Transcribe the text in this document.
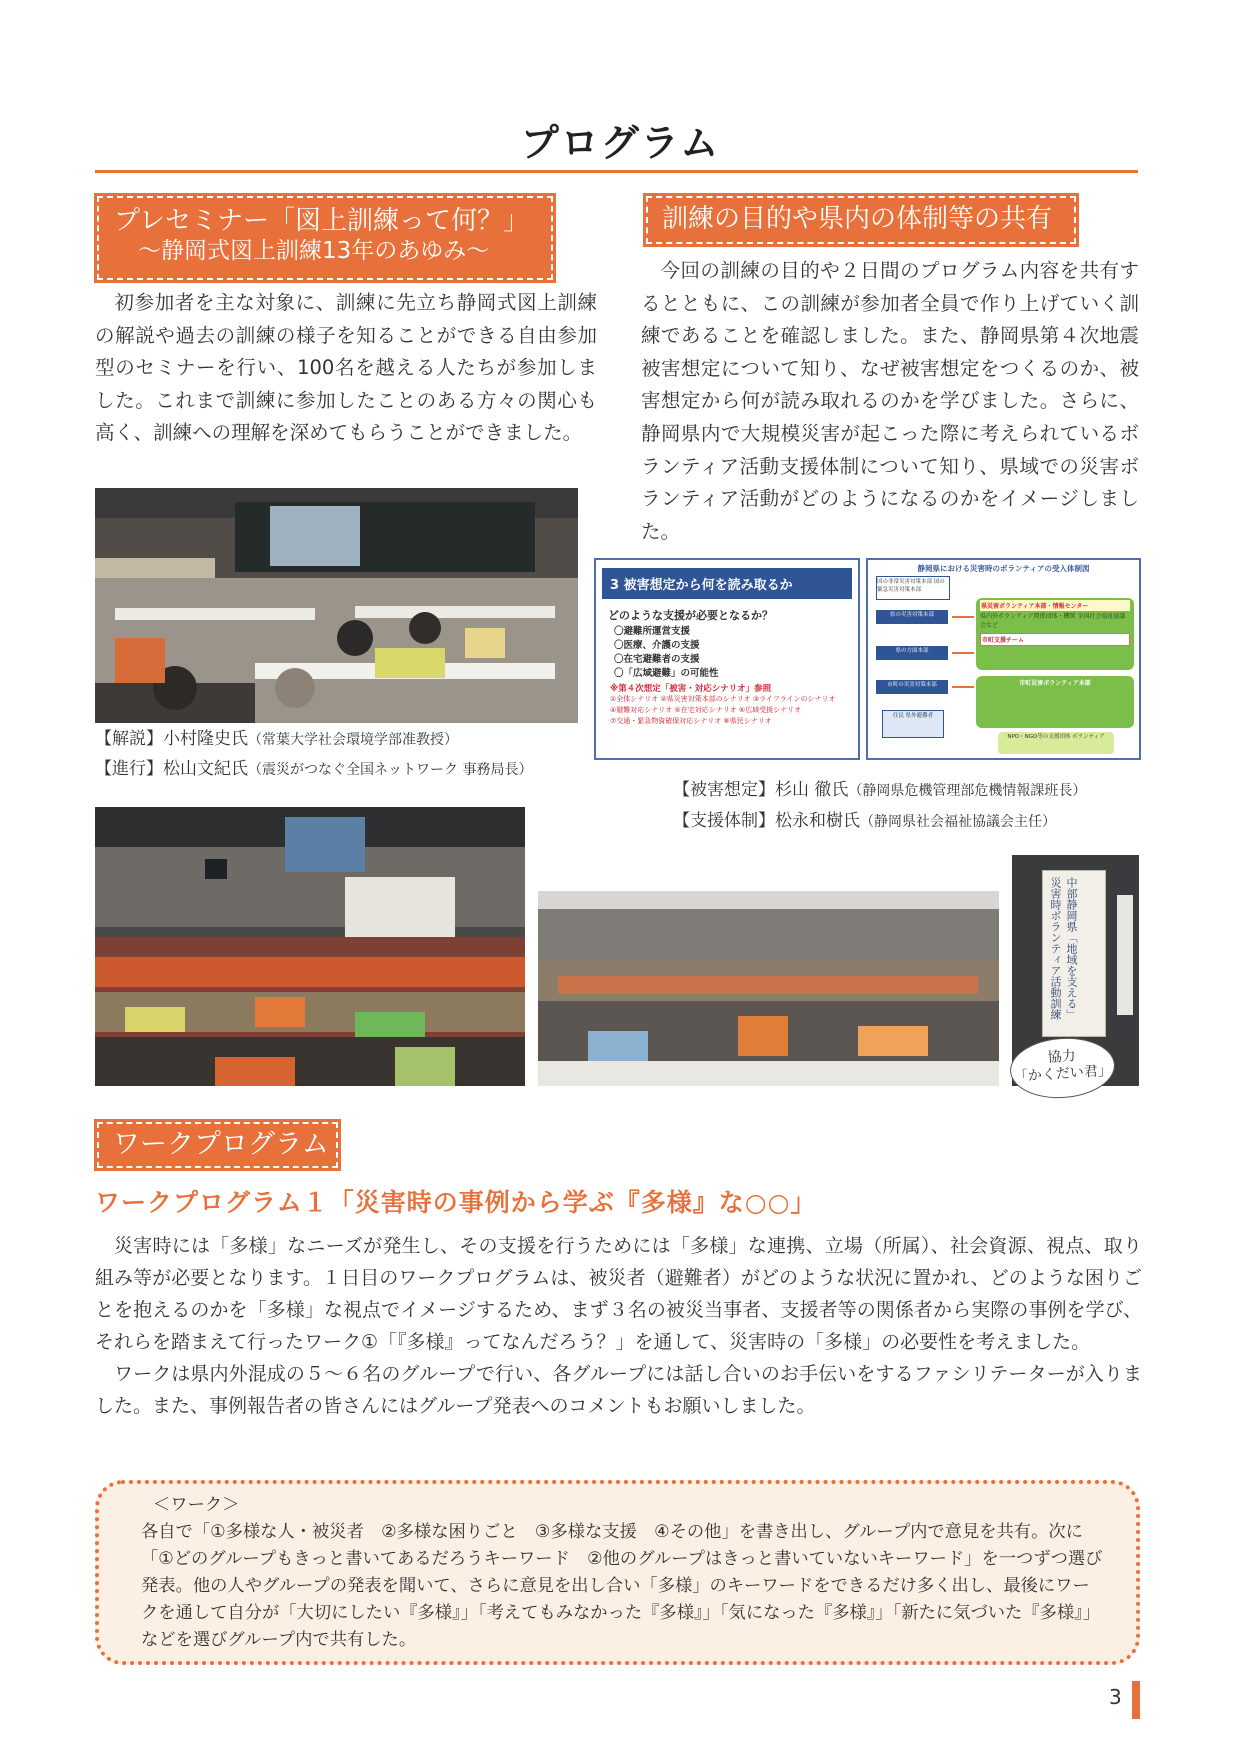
プログラム
プレセミナー「図上訓練って何？」
～静岡式図上訓練13年のあゆみ～
初参加者を主な対象に、訓練に先立ち静岡式図上訓練の解説や過去の訓練の様子を知ることができる自由参加型のセミナーを行い、100名を越える人たちが参加しました。これまで訓練に参加したことのある方々の関心も高く、訓練への理解を深めてもらうことができました。
訓練の目的や県内の体制等の共有
今回の訓練の目的や２日間のプログラム内容を共有するとともに、この訓練が参加者全員で作り上げていく訓練であることを確認しました。また、静岡県第４次地震被害想定について知り、なぜ被害想定をつくるのか、被害想定から何が読み取れるのかを学びました。さらに、静岡県内で大規模災害が起こった際に考えられているボランティア活動支援体制について知り、県域での災害ボランティア活動がどのようになるのかをイメージしました。
【解説】小村隆史氏（常葉大学社会環境学部准教授）
【進行】松山文紀氏（震災がつなぐ全国ネットワーク 事務局長）
3 被害想定から何を読み取るか
どのような支援が必要となるか？
〇避難所運営支援
〇医療、介護の支援
〇在宅避難者の支援
〇「広域避難」の可能性
※第４次想定「被害・対応シナリオ」参照
①全体シナリオ ②県災害対策本部のシナリオ ③ライフラインのシナリオ
④避難対応シナリオ ⑤在宅対応シナリオ ⑥広域受援シナリオ
⑦交通・緊急物資確保対応シナリオ ⑧県民シナリオ
静岡県における災害時のボランティアの受入体制図
国の非常災害対策本部 国の緊急災害対策本部
県の災害対策本部
県の方面本部
市町の災害対策本部
住民 県外避難者
県災害ボランティア本部・情報センター
県内外ボランティア関係団体・機関 全国社会福祉協議会など
市町支援チーム
市町災害ボランティア本部
NPO・NGO等の支援団体 ボランティア
【被害想定】杉山 徹氏（静岡県危機管理部危機情報課班長）
【支援体制】松永和樹氏（静岡県社会福祉協議会主任）
中部静岡県「地域を支える」災害時ボランティア活動訓練
協力
「かくだい君」
ワークプログラム
ワークプログラム１「災害時の事例から学ぶ『多様』な○○」
災害時には「多様」なニーズが発生し、その支援を行うためには「多様」な連携、立場（所属）、社会資源、視点、取り組み等が必要となります。１日目のワークプログラムは、被災者（避難者）がどのような状況に置かれ、どのような困りごとを抱えるのかを「多様」な視点でイメージするため、まず３名の被災当事者、支援者等の関係者から実際の事例を学び、それらを踏まえて行ったワーク①「『多様』ってなんだろう？」を通して、災害時の「多様」の必要性を考えました。
ワークは県内外混成の５～６名のグループで行い、各グループには話し合いのお手伝いをするファシリテーターが入りました。また、事例報告者の皆さんにはグループ発表へのコメントもお願いしました。
＜ワーク＞
各自で「①多様な人・被災者　②多様な困りごと　③多様な支援　④その他」を書き出し、グループ内で意見を共有。次に「①どのグループもきっと書いてあるだろうキーワード　②他のグループはきっと書いていないキーワード」を一つずつ選び発表。他の人やグループの発表を聞いて、さらに意見を出し合い「多様」のキーワードをできるだけ多く出し、最後にワークを通して自分が「大切にしたい『多様』」「考えてもみなかった『多様』」「気になった『多様』」「新たに気づいた『多様』」などを選びグループ内で共有した。
3
